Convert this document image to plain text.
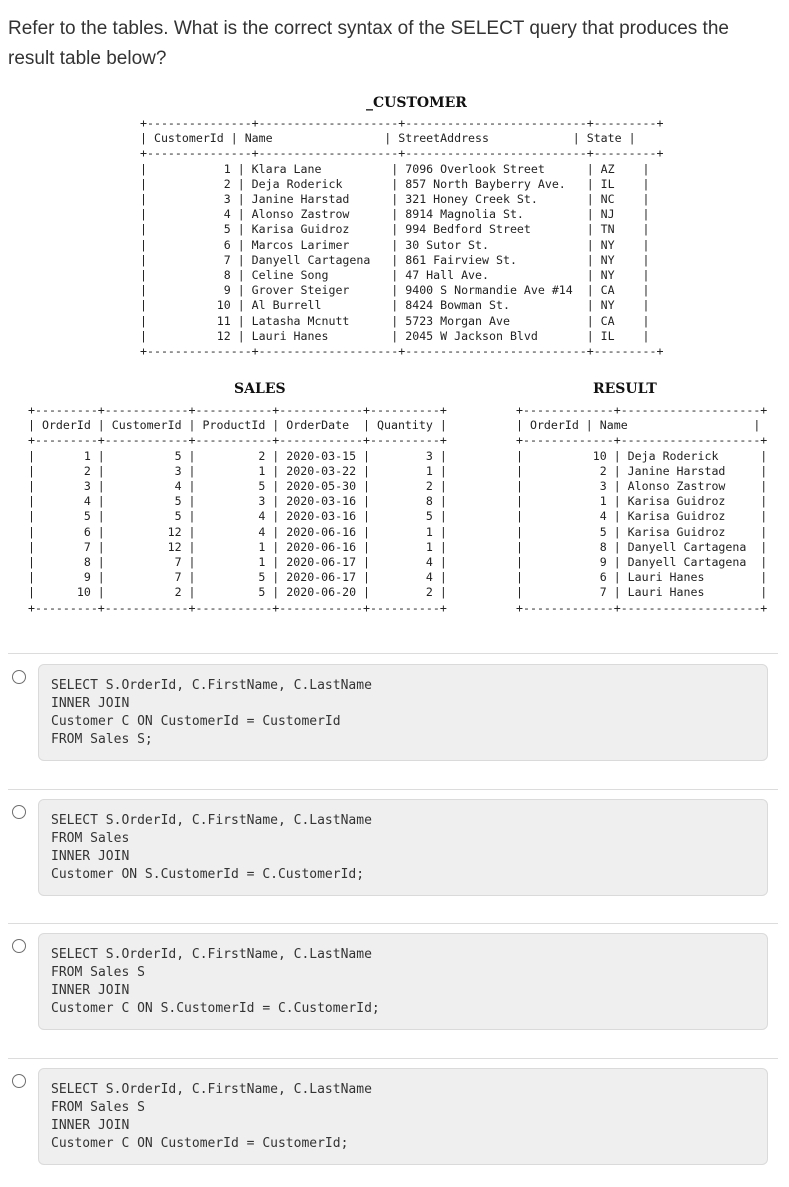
Refer to the tables. What is the correct syntax of the SELECT query that produces the result table below?
_CUSTOMER
+---------------+--------------------+--------------------------+---------+
| CustomerId | Name                | StreetAddress            | State |
+---------------+--------------------+--------------------------+---------+
|           1 | Klara Lane          | 7096 Overlook Street      | AZ    |
|           2 | Deja Roderick       | 857 North Bayberry Ave.   | IL    |
|           3 | Janine Harstad      | 321 Honey Creek St.       | NC    |
|           4 | Alonso Zastrow      | 8914 Magnolia St.         | NJ    |
|           5 | Karisa Guidroz      | 994 Bedford Street        | TN    |
|           6 | Marcos Larimer      | 30 Sutor St.              | NY    |
|           7 | Danyell Cartagena   | 861 Fairview St.          | NY    |
|           8 | Celine Song         | 47 Hall Ave.              | NY    |
|           9 | Grover Steiger      | 9400 S Normandie Ave #14  | CA    |
|          10 | Al Burrell          | 8424 Bowman St.           | NY    |
|          11 | Latasha Mcnutt      | 5723 Morgan Ave           | CA    |
|          12 | Lauri Hanes         | 2045 W Jackson Blvd       | IL    |
+---------------+--------------------+--------------------------+---------+
SALES
+---------+------------+-----------+------------+----------+
| OrderId | CustomerId | ProductId | OrderDate  | Quantity |
+---------+------------+-----------+------------+----------+
|       1 |          5 |         2 | 2020-03-15 |        3 |
|       2 |          3 |         1 | 2020-03-22 |        1 |
|       3 |          4 |         5 | 2020-05-30 |        2 |
|       4 |          5 |         3 | 2020-03-16 |        8 |
|       5 |          5 |         4 | 2020-03-16 |        5 |
|       6 |         12 |         4 | 2020-06-16 |        1 |
|       7 |         12 |         1 | 2020-06-16 |        1 |
|       8 |          7 |         1 | 2020-06-17 |        4 |
|       9 |          7 |         5 | 2020-06-17 |        4 |
|      10 |          2 |         5 | 2020-06-20 |        2 |
+---------+------------+-----------+------------+----------+
RESULT
+-------------+--------------------+
| OrderId | Name                  |
+-------------+--------------------+
|          10 | Deja Roderick      |
|           2 | Janine Harstad     |
|           3 | Alonso Zastrow     |
|           1 | Karisa Guidroz     |
|           4 | Karisa Guidroz     |
|           5 | Karisa Guidroz     |
|           8 | Danyell Cartagena  |
|           9 | Danyell Cartagena  |
|           6 | Lauri Hanes        |
|           7 | Lauri Hanes        |
+-------------+--------------------+
SELECT S.OrderId, C.FirstName, C.LastName
INNER JOIN
Customer C ON CustomerId = CustomerId
FROM Sales S;
SELECT S.OrderId, C.FirstName, C.LastName
FROM Sales
INNER JOIN
Customer ON S.CustomerId = C.CustomerId;
SELECT S.OrderId, C.FirstName, C.LastName
FROM Sales S
INNER JOIN
Customer C ON S.CustomerId = C.CustomerId;
SELECT S.OrderId, C.FirstName, C.LastName
FROM Sales S
INNER JOIN
Customer C ON CustomerId = CustomerId;
